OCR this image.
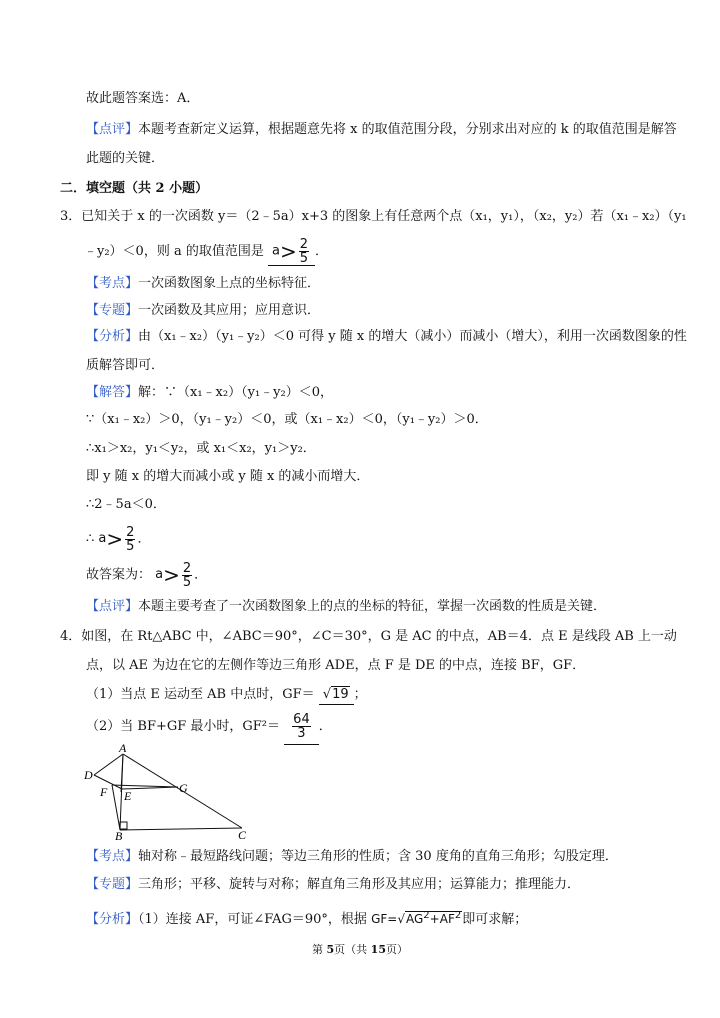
故此题答案选：A．
【点评】本题考查新定义运算，根据题意先将 x 的取值范围分段，分别求出对应的 k 的取值范围是解答
此题的关键．
二．填空题（共 2 小题）
3．已知关于 x 的一次函数 y＝（2﹣5a）x+3 的图象上有任意两个点（x₁，y₁），（x₂，y₂）若（x₁﹣x₂）（y₁
﹣y₂）＜0，则 a 的取值范围是 $a> \frac{2}{5}$ ．
【考点】一次函数图象上点的坐标特征．
【专题】一次函数及其应用；应用意识．
【分析】由（x₁﹣x₂）（y₁﹣y₂）＜0 可得 y 随 x 的增大（减小）而减小（增大），利用一次函数图象的性
质解答即可．
【解答】解：∵（x₁﹣x₂）（y₁﹣y₂）＜0，
∵（x₁﹣x₂）＞0，（y₁﹣y₂）＜0，或（x₁﹣x₂）＜0，（y₁﹣y₂）＞0．
∴x₁＞x₂，y₁＜y₂，或 x₁＜x₂，y₁＞y₂．
即 y 随 x 的增大而减小或 y 随 x 的减小而增大．
∴2﹣5a＜0．
∴ $a> \frac{2}{5}$ ．
故答案为： $a> \frac{2}{5}$ ．
【点评】本题主要考查了一次函数图象上的点的坐标的特征，掌握一次函数的性质是关键．
4．如图，在 Rt△ABC 中，∠ABC＝90°，∠C＝30°，G 是 AC 的中点，AB＝4．点 E 是线段 AB 上一动
点，以 AE 为边在它的左侧作等边三角形 ADE，点 F 是 DE 的中点，连接 BF，GF．
（1）当点 E 运动至 AB 中点时，GF＝ √19 ；
（2）当 BF+GF 最小时，$GF^2= \frac{64}{3}$ ．
A
D
F E
G
B	C
【考点】轴对称﹣最短路线问题；等边三角形的性质；含 30 度角的直角三角形；勾股定理．
【专题】三角形；平移、旋转与对称；解直角三角形及其应用；运算能力；推理能力．
【分析】（1）连接 AF，可证∠FAG＝90°，根据 $GF=√AG^2+AF^2$即可求解；
第 5页（共 15页）
